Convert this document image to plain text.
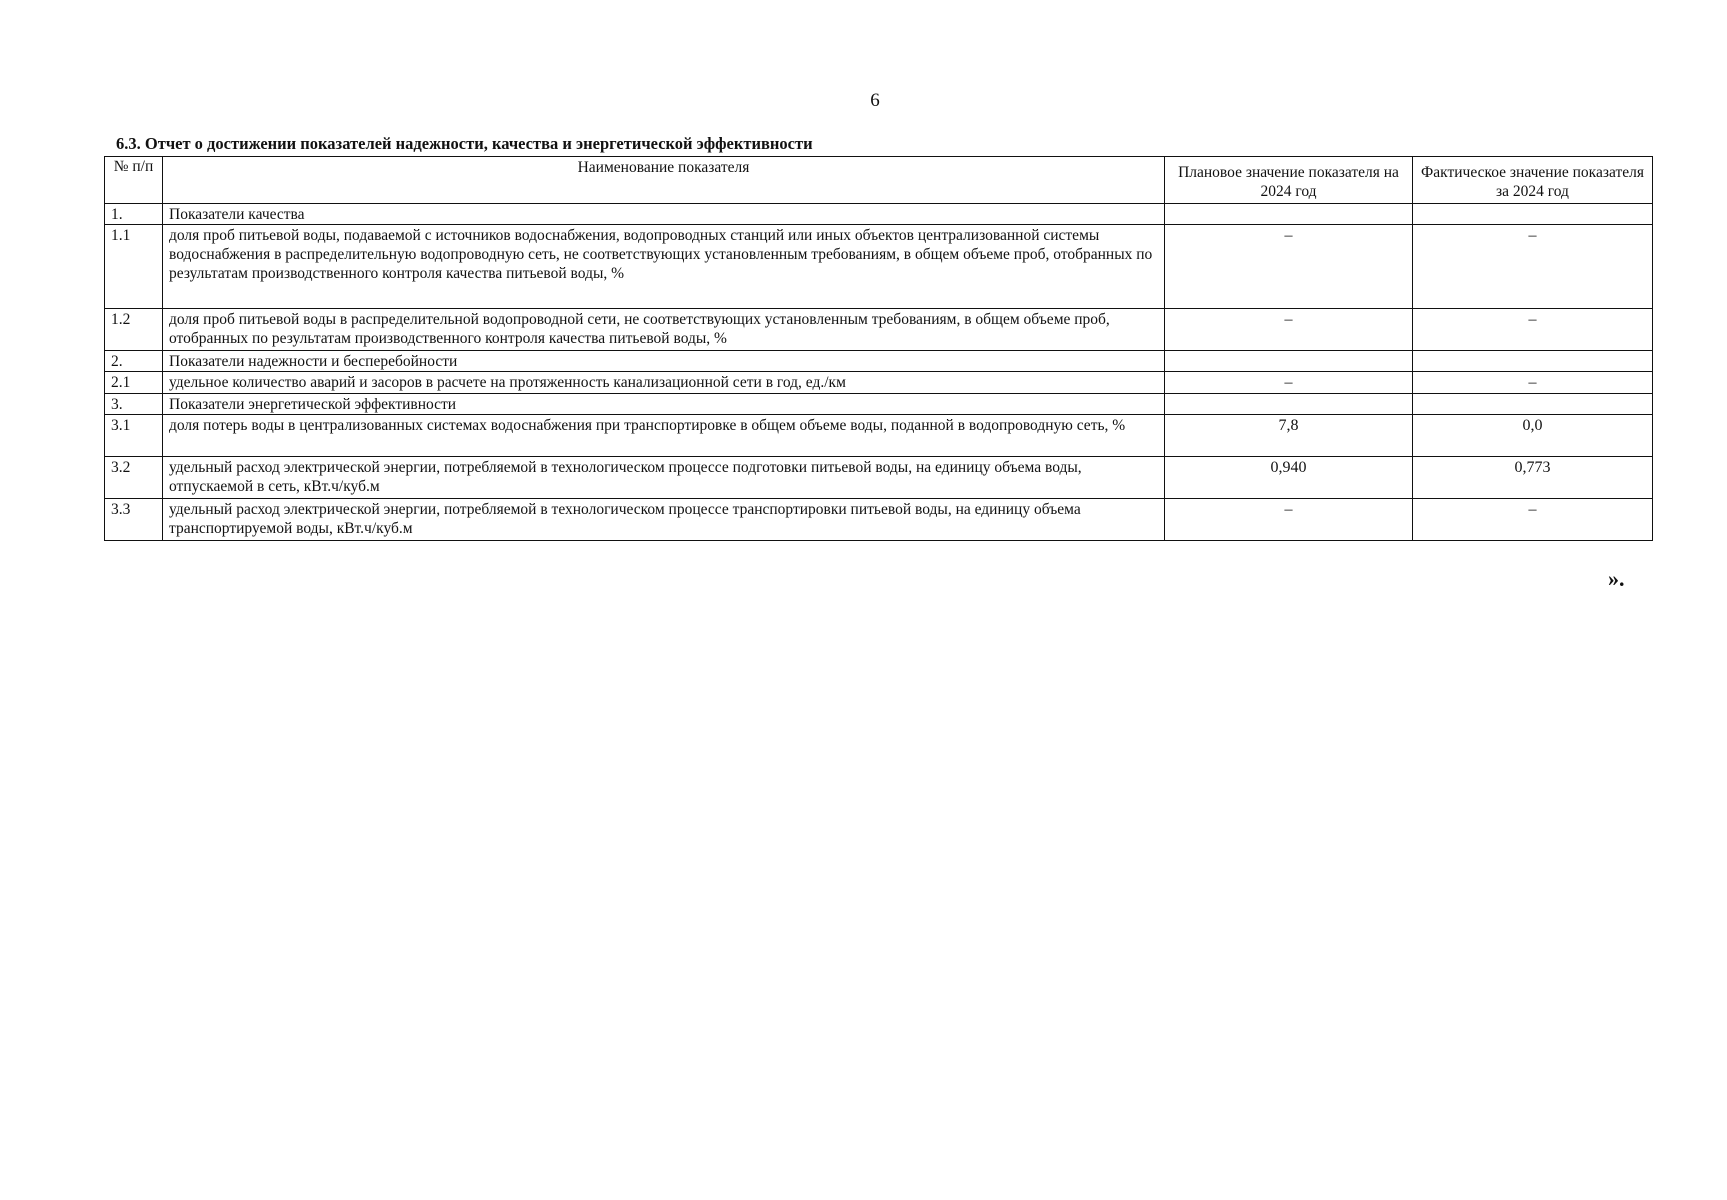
6
6.3. Отчет о достижении показателей надежности, качества и энергетической эффективности
№ п/п	Наименование показателя	Плановое значение показателя на 2024 год	Фактическое значение показателя за 2024 год
1.	Показатели качества		
1.1	доля проб питьевой воды, подаваемой с источников водоснабжения, водопроводных станций или иных объектов централизованной системы водоснабжения в распределительную водопроводную сеть, не соответствующих установленным требованиям, в общем объеме проб, отобранных по результатам производственного контроля качества питьевой воды, %	–	–
1.2	доля проб питьевой воды в распределительной водопроводной сети, не соответствующих установленным требованиям, в общем объеме проб, отобранных по результатам производственного контроля качества питьевой воды, %	–	–
2.	Показатели надежности и бесперебойности		
2.1	удельное количество аварий и засоров в расчете на протяженность канализационной сети в год, ед./км	–	–
3.	Показатели энергетической эффективности		
3.1	доля потерь воды в централизованных системах водоснабжения при транспортировке в общем объеме воды, поданной в водопроводную сеть, %	7,8	0,0
3.2	удельный расход электрической энергии, потребляемой в технологическом процессе подготовки питьевой воды, на единицу объема воды, отпускаемой в сеть, кВт.ч/куб.м	0,940	0,773
3.3	удельный расход электрической энергии, потребляемой в технологическом процессе транспортировки питьевой воды, на единицу объема транспортируемой воды, кВт.ч/куб.м	–	–
».
